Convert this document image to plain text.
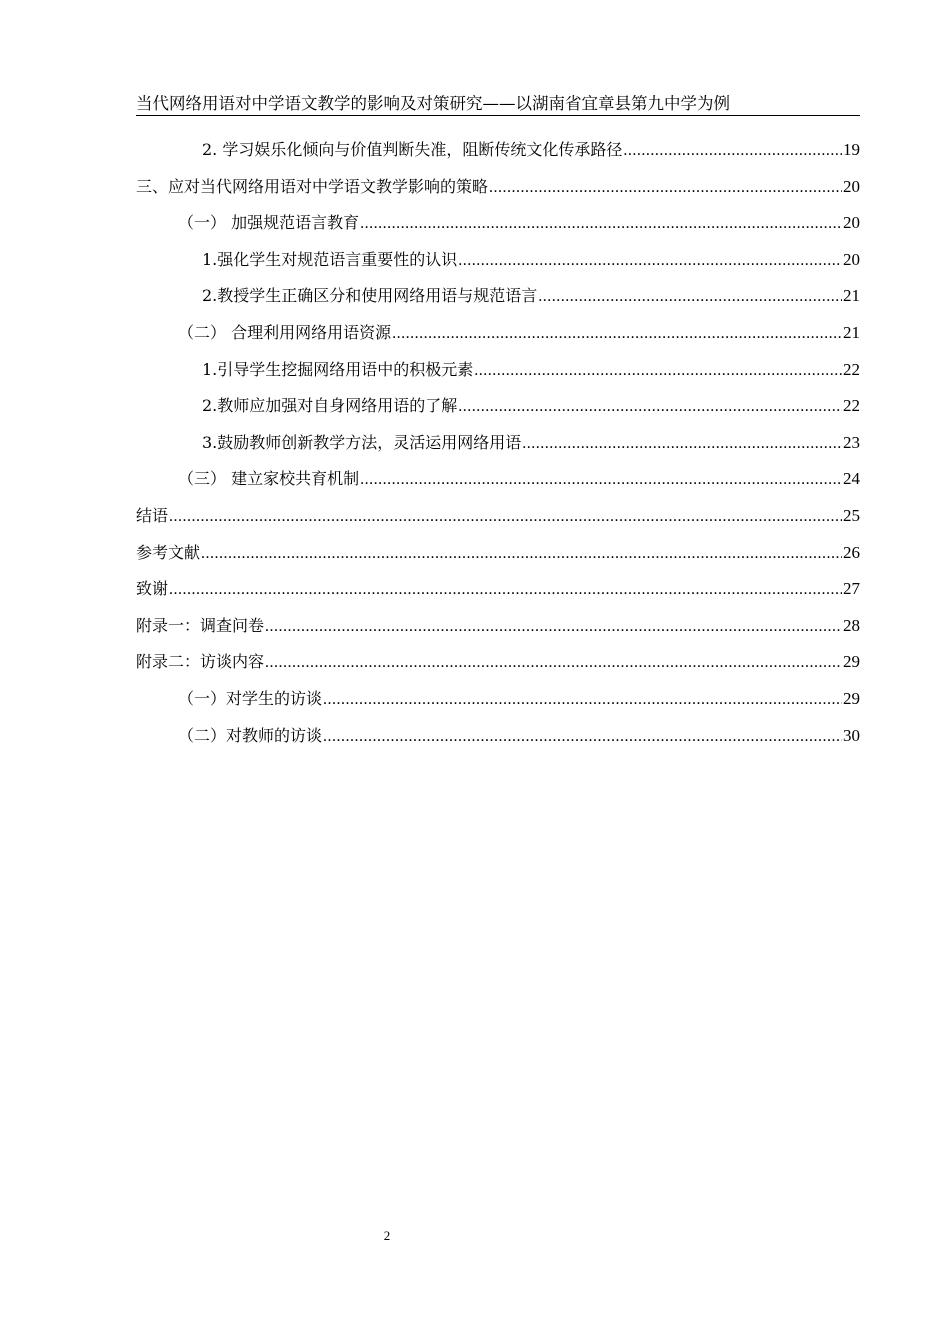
当代网络用语对中学语文教学的影响及对策研究——以湖南省宜章县第九中学为例
2. 学习娱乐化倾向与价值判断失准，阻断传统文化传承路径 .....	19
三、应对当代网络用语对中学语文教学影响的策略 .....	20
（一） 加强规范语言教育 .....	20
1.强化学生对规范语言重要性的认识 .....	20
2.教授学生正确区分和使用网络用语与规范语言 .....	21
（二） 合理利用网络用语资源 .....	21
1.引导学生挖掘网络用语中的积极元素 .....	22
2.教师应加强对自身网络用语的了解 .....	22
3.鼓励教师创新教学方法，灵活运用网络用语 .....	23
（三） 建立家校共育机制 .....	24
结语 .....	25
参考文献 .....	26
致谢 .....	27
附录一：调查问卷 .....	28
附录二：访谈内容 .....	29
（一）对学生的访谈 .....	29
（二）对教师的访谈 .....	30
2
